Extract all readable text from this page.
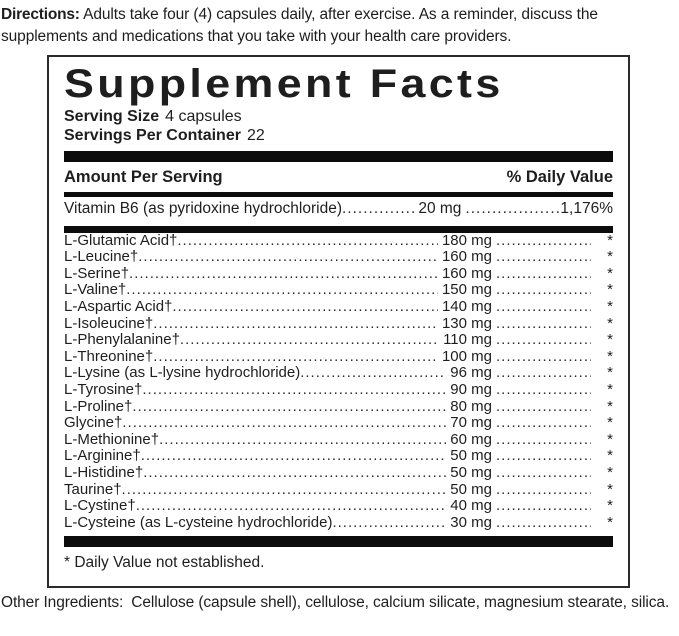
Directions: Adults take four (4) capsules daily, after exercise. As a reminder, discuss the supplements and medications that you take with your health care providers.

Supplement Facts
Serving Size 4 capsules
Servings Per Container 22
Amount Per Serving	% Daily Value
Vitamin B6 (as pyridoxine hydrochloride) .....	20 mg .....	1,176%
L-Glutamic Acid† .....	180 mg .....	*
L-Leucine† .....	160 mg .....	*
L-Serine† .....	160 mg .....	*
L-Valine† .....	150 mg .....	*
L-Aspartic Acid† .....	140 mg .....	*
L-Isoleucine† .....	130 mg .....	*
L-Phenylalanine† .....	110 mg .....	*
L-Threonine† .....	100 mg .....	*
L-Lysine (as L-lysine hydrochloride) .....	96 mg .....	*
L-Tyrosine† .....	90 mg .....	*
L-Proline† .....	80 mg .....	*
Glycine† .....	70 mg .....	*
L-Methionine† .....	60 mg .....	*
L-Arginine† .....	50 mg .....	*
L-Histidine† .....	50 mg .....	*
Taurine† .....	50 mg .....	*
L-Cystine† .....	40 mg .....	*
L-Cysteine (as L-cysteine hydrochloride) .....	30 mg .....	*
* Daily Value not established.

Other Ingredients: Cellulose (capsule shell), cellulose, calcium silicate, magnesium stearate, silica.
